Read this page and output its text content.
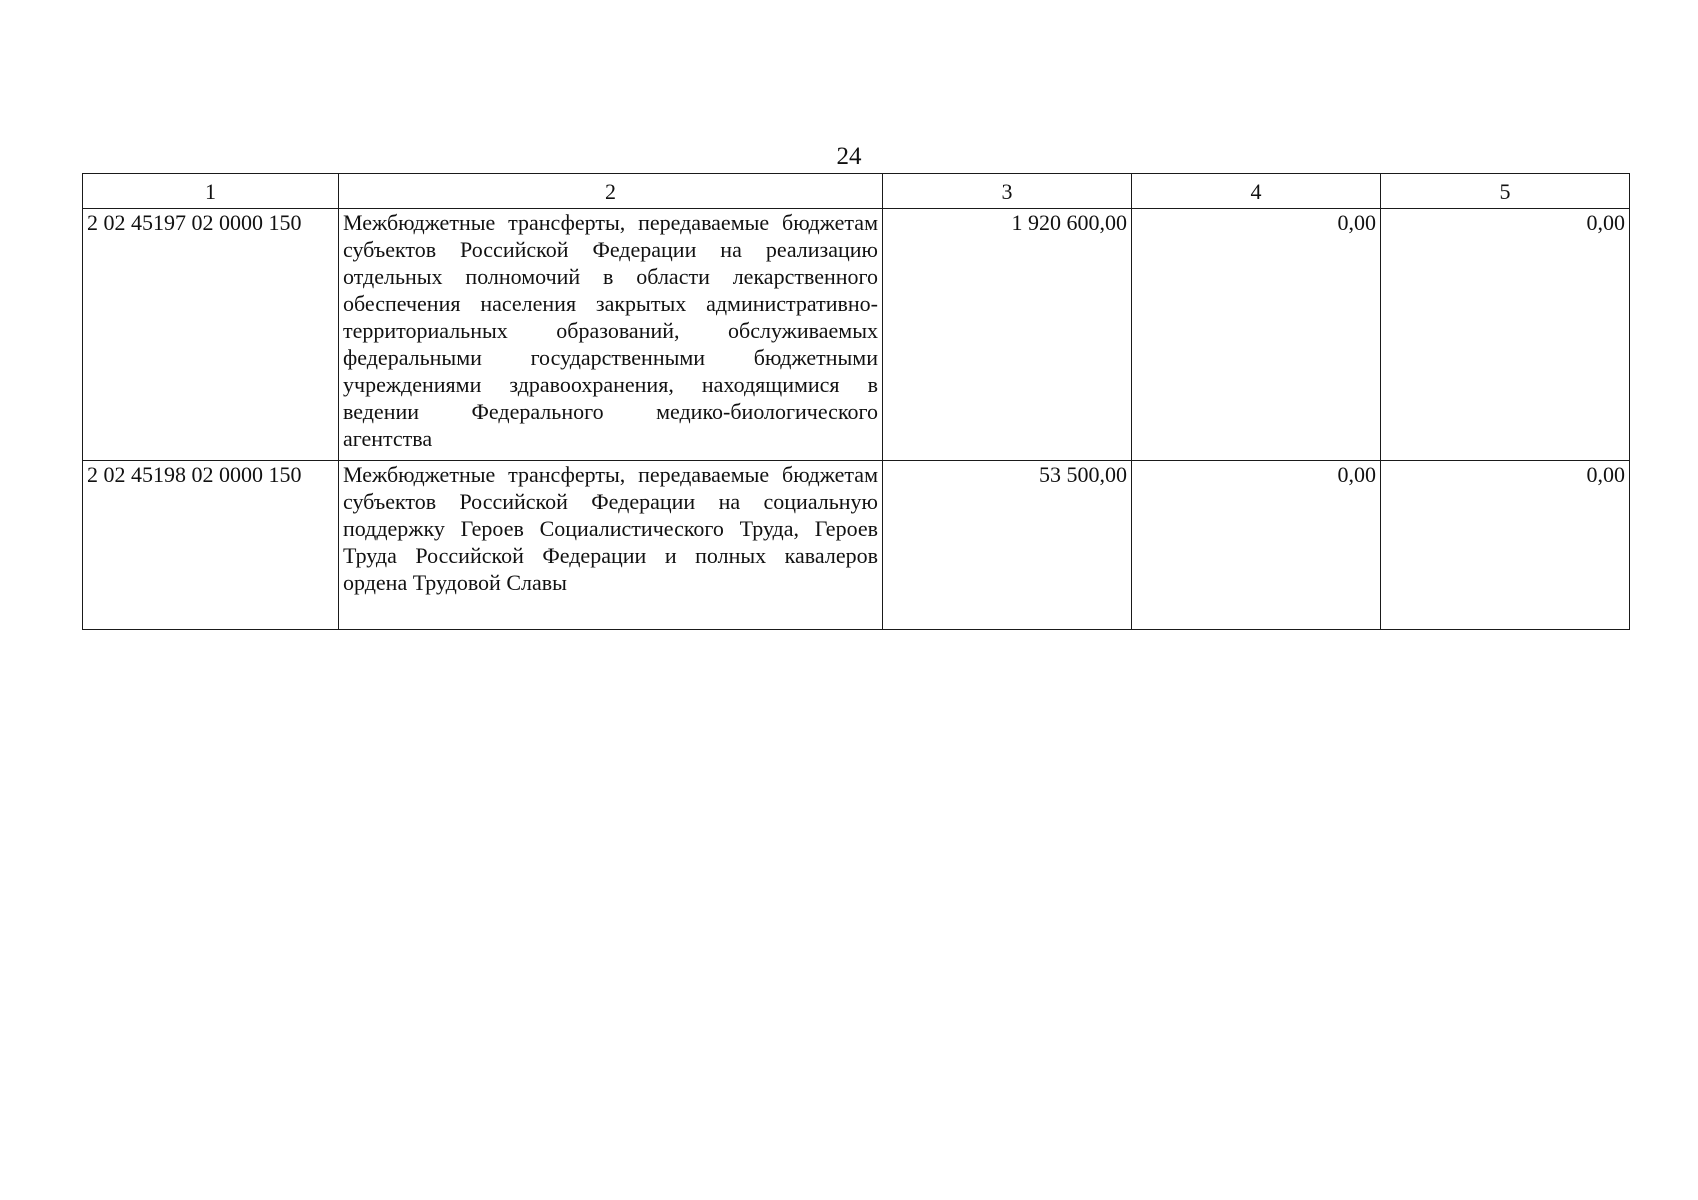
24
1	2	3	4	5
2 02 45197 02 0000 150	Межбюджетные трансферты, передаваемые бюджетам субъектов Российской Федерации на реализацию отдельных полномочий в области лекарственного обеспечения населения закрытых административно-территориальных образований, обслуживаемых федеральными государственными бюджетными учреждениями здравоохранения, находящимися в ведении Федерального медико-биологического агентства	1 920 600,00	0,00	0,00
2 02 45198 02 0000 150	Межбюджетные трансферты, передаваемые бюджетам субъектов Российской Федерации на социальную поддержку Героев Социалистического Труда, Героев Труда Российской Федерации и полных кавалеров ордена Трудовой Славы	53 500,00	0,00	0,00
